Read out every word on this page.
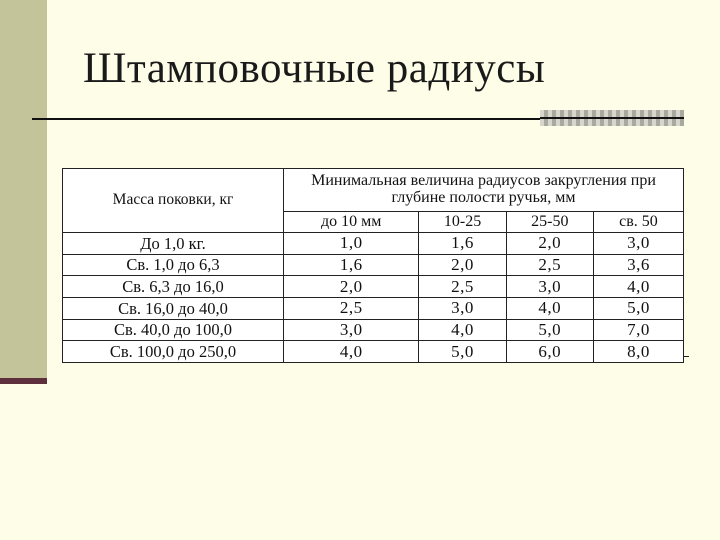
Штамповочные радиусы
Масса поковки, кг	Минимальная величина радиусов закругления при глубине полости ручья, мм			
	до 10 мм	10-25	25-50	св. 50
До 1,0 кг.	1,0	1,6	2,0	3,0
Св. 1,0 до 6,3	1,6	2,0	2,5	3,6
Св. 6,3 до 16,0	2,0	2,5	3,0	4,0
Св. 16,0 до 40,0	2,5	3,0	4,0	5,0
Св. 40,0 до 100,0	3,0	4,0	5,0	7,0
Св. 100,0 до 250,0	4,0	5,0	6,0	8,0
